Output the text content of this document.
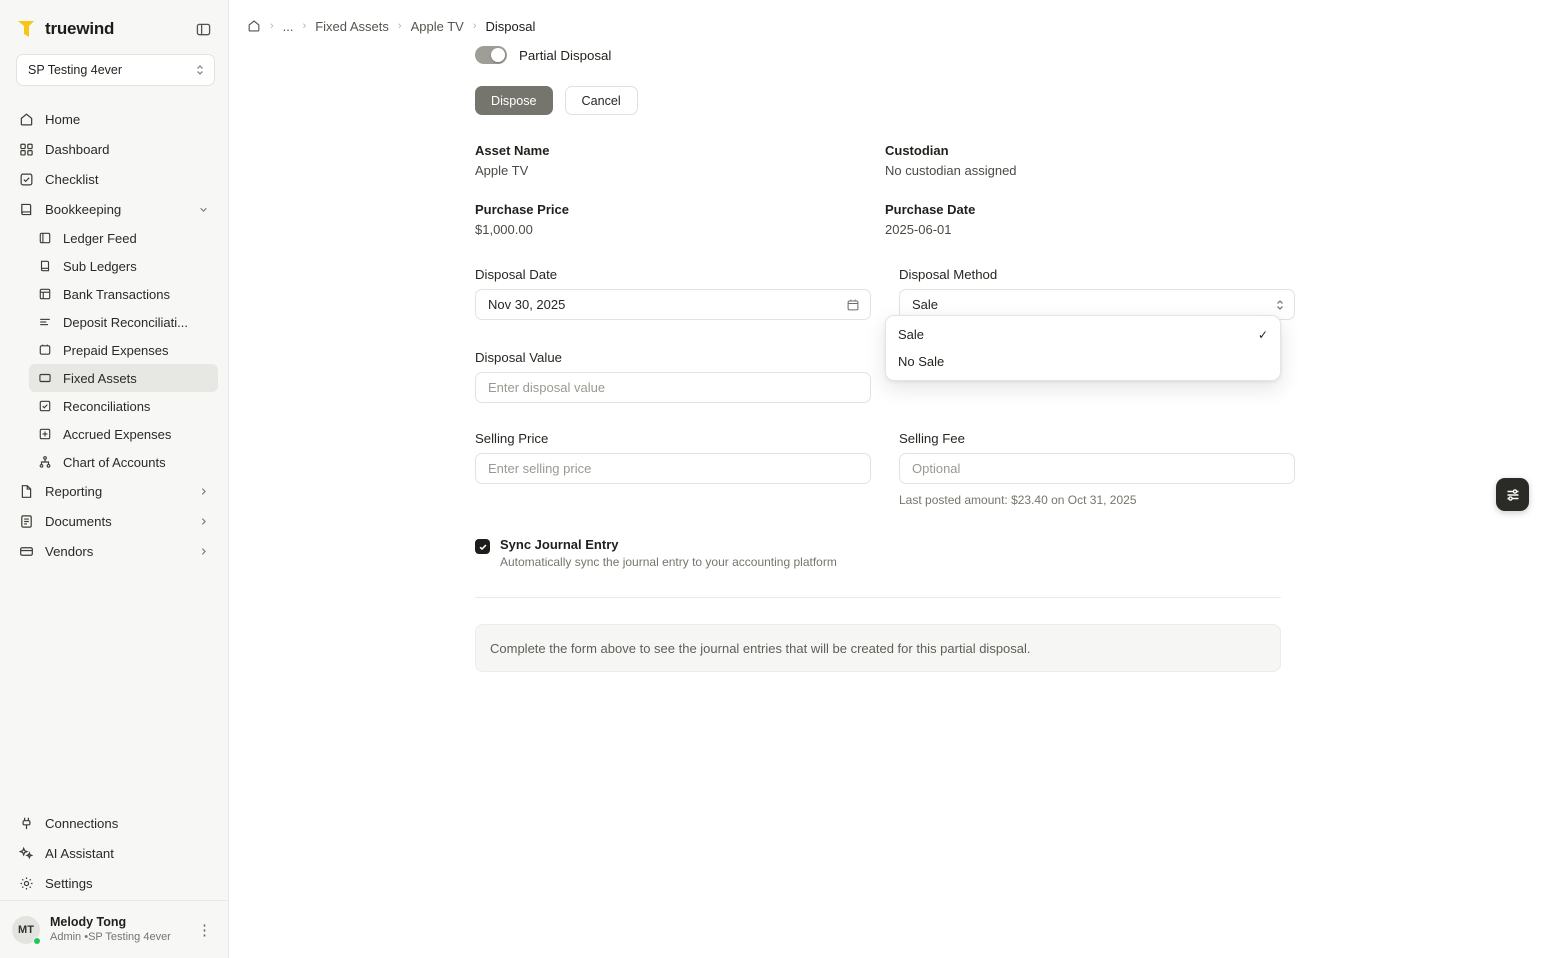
truewind
SP Testing 4ever
Home
Dashboard
Checklist
Bookkeeping
Ledger Feed
Sub Ledgers
Bank Transactions
Deposit Reconciliati...
Prepaid Expenses
Fixed Assets
Reconciliations
Accrued Expenses
Chart of Accounts
Reporting
Documents
Vendors
Connections
AI Assistant
Settings
MT
Melody Tong
Admin •SP Testing 4ever ⋮
› ... › Fixed Assets › Apple TV › Disposal
Partial Disposal
Dispose	Cancel
Asset Name
Apple TV
Custodian
No custodian assigned
Purchase Price
$1,000.00
Purchase Date
2025-06-01
Disposal Date
Nov 30, 2025
Disposal Method
Sale
Disposal Value
Enter disposal value
Selling Price
Enter selling price
Selling Fee
Optional
Last posted amount: $23.40 on Oct 31, 2025
Sync Journal Entry
Automatically sync the journal entry to your accounting platform
Complete the form above to see the journal entries that will be created for this partial disposal.
Sale	✓
No Sale
